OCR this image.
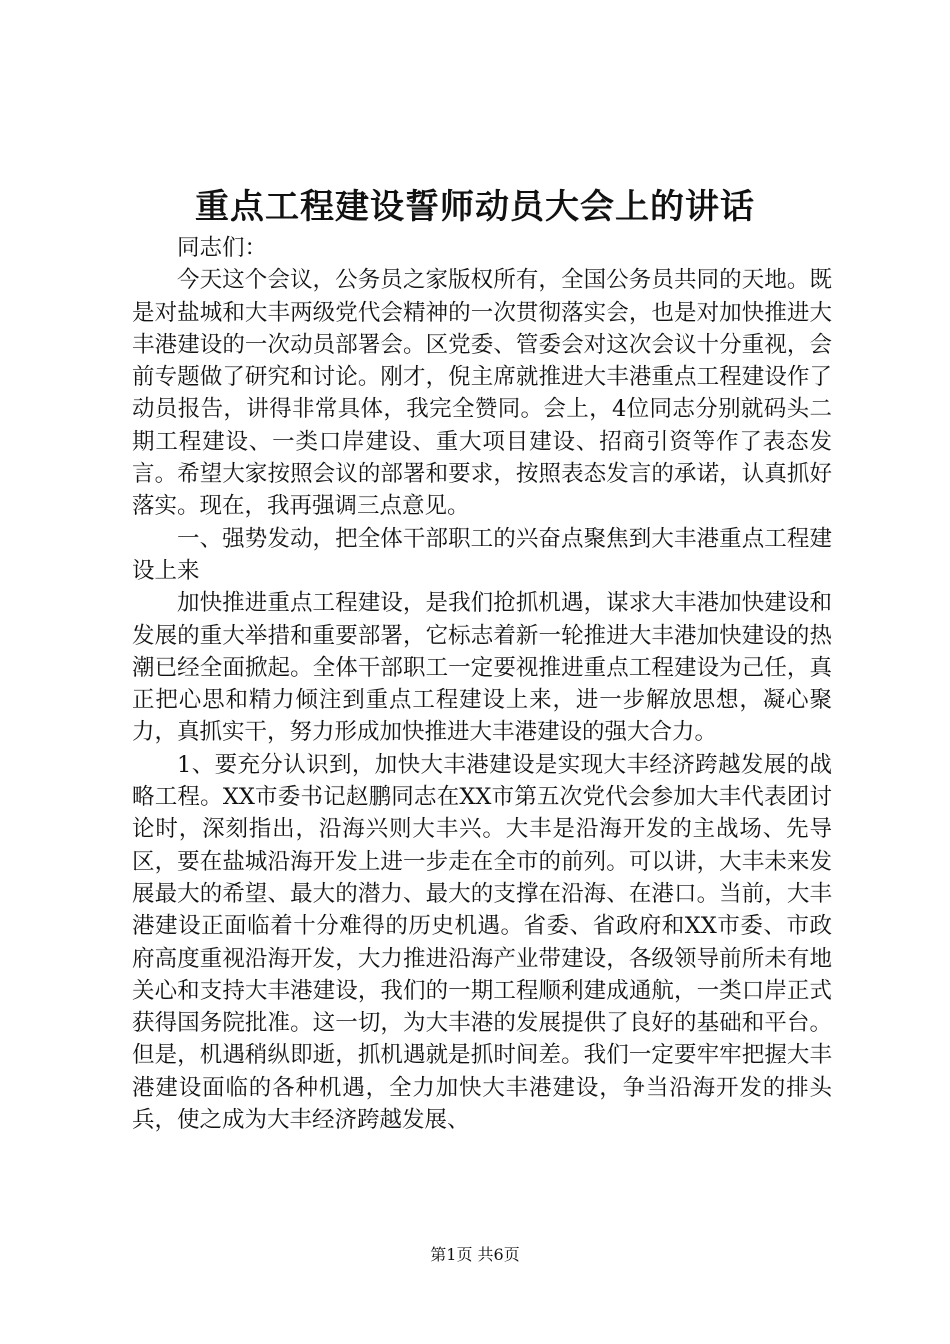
重点工程建设誓师动员大会上的讲话

同志们：

今天这个会议，公务员之家版权所有，全国公务员共同的天地。既是对盐城和大丰两级党代会精神的一次贯彻落实会，也是对加快推进大丰港建设的一次动员部署会。区党委、管委会对这次会议十分重视，会前专题做了研究和讨论。刚才，倪主席就推进大丰港重点工程建设作了动员报告，讲得非常具体，我完全赞同。会上，4位同志分别就码头二期工程建设、一类口岸建设、重大项目建设、招商引资等作了表态发言。希望大家按照会议的部署和要求，按照表态发言的承诺，认真抓好落实。现在，我再强调三点意见。

一、强势发动，把全体干部职工的兴奋点聚焦到大丰港重点工程建设上来

加快推进重点工程建设，是我们抢抓机遇，谋求大丰港加快建设和发展的重大举措和重要部署，它标志着新一轮推进大丰港加快建设的热潮已经全面掀起。全体干部职工一定要视推进重点工程建设为己任，真正把心思和精力倾注到重点工程建设上来，进一步解放思想，凝心聚力，真抓实干，努力形成加快推进大丰港建设的强大合力。

1、要充分认识到，加快大丰港建设是实现大丰经济跨越发展的战略工程。XX市委书记赵鹏同志在XX市第五次党代会参加大丰代表团讨论时，深刻指出，沿海兴则大丰兴。大丰是沿海开发的主战场、先导区，要在盐城沿海开发上进一步走在全市的前列。可以讲，大丰未来发展最大的希望、最大的潜力、最大的支撑在沿海、在港口。当前，大丰港建设正面临着十分难得的历史机遇。省委、省政府和XX市委、市政府高度重视沿海开发，大力推进沿海产业带建设，各级领导前所未有地关心和支持大丰港建设，我们的一期工程顺利建成通航，一类口岸正式获得国务院批准。这一切，为大丰港的发展提供了良好的基础和平台。但是，机遇稍纵即逝，抓机遇就是抓时间差。我们一定要牢牢把握大丰港建设面临的各种机遇，全力加快大丰港建设，争当沿海开发的排头兵，使之成为大丰经济跨越发展、

第1页 共6页
